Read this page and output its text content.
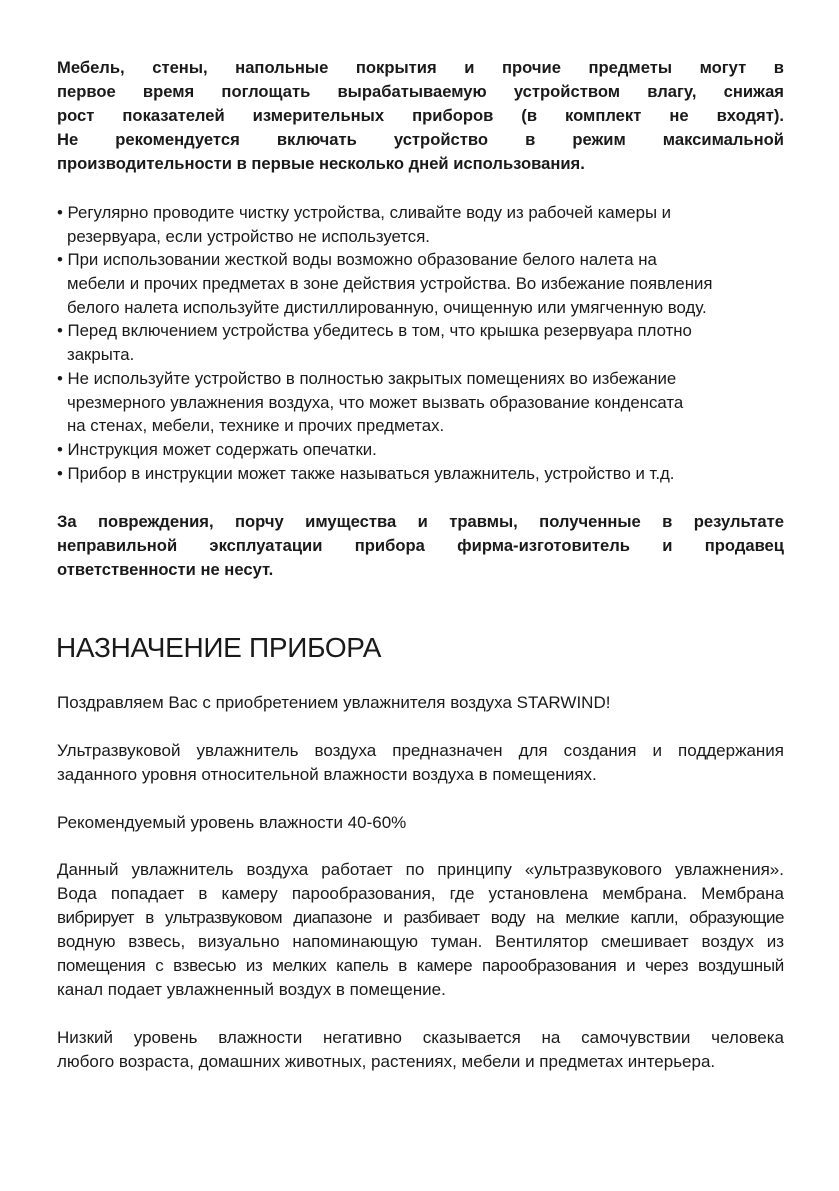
Мебель, стены, напольные покрытия и прочие предметы могут в
первое время поглощать вырабатываемую устройством влагу, снижая
рост показателей измерительных приборов (в комплект не входят).
Не рекомендуется включать устройство в режим максимальной
производительности в первые несколько дней использования.
• Регулярно проводите чистку устройства, сливайте воду из рабочей камеры и
резервуара, если устройство не используется.
• При использовании жесткой воды возможно образование белого налета на
мебели и прочих предметах в зоне действия устройства. Во избежание появления
белого налета используйте дистиллированную, очищенную или умягченную воду.
• Перед включением устройства убедитесь в том, что крышка резервуара плотно
закрыта.
• Не используйте устройство в полностью закрытых помещениях во избежание
чрезмерного увлажнения воздуха, что может вызвать образование конденсата
на стенах, мебели, технике и прочих предметах.
• Инструкция может содержать опечатки.
• Прибор в инструкции может также называться увлажнитель, устройство и т.д.
За повреждения, порчу имущества и травмы, полученные в результате
неправильной эксплуатации прибора фирма-изготовитель и продавец
ответственности не несут.
НАЗНАЧЕНИЕ ПРИБОРА
Поздравляем Вас с приобретением увлажнителя воздуха STARWIND!
Ультразвуковой увлажнитель воздуха предназначен для создания и поддержания
заданного уровня относительной влажности воздуха в помещениях.
Рекомендуемый уровень влажности 40-60%
Данный увлажнитель воздуха работает по принципу «ультразвукового увлажнения».
Вода попадает в камеру парообразования, где установлена мембрана. Мембрана
вибрирует в ультразвуковом диапазоне и разбивает воду на мелкие капли, образующие
водную взвесь, визуально напоминающую туман. Вентилятор смешивает воздух из
помещения с взвесью из мелких капель в камере парообразования и через воздушный
канал подает увлажненный воздух в помещение.
Низкий уровень влажности негативно сказывается на самочувствии человека
любого возраста, домашних животных, растениях, мебели и предметах интерьера.
